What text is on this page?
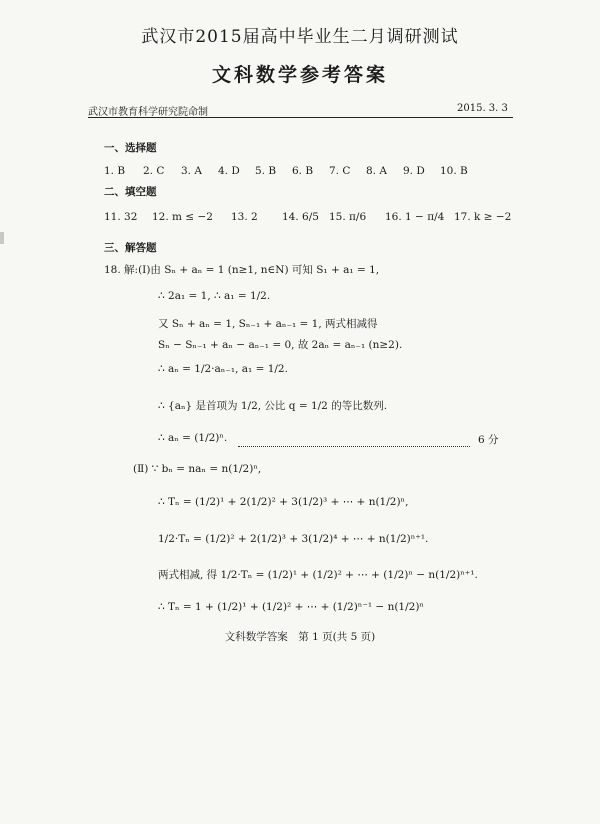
武汉市2015届高中毕业生二月调研测试
文科数学参考答案
武汉市教育科学研究院命制	2015. 3. 3
一、选择题
1. B 2. C 3. A 4. D 5. B 6. B 7. C 8. A 9. D 10. B
二、填空题
11. 32 12. m ≤ −2 13. 2 14. 6/5 15. π/6 16. 1 − π/4 17. k ≥ −2
三、解答题
18. 解:(Ⅰ)由 Sₙ + aₙ = 1 (n≥1, n∈N) 可知 S₁ + a₁ = 1,
∴ 2a₁ = 1, ∴ a₁ = 1/2.
又 Sₙ + aₙ = 1, Sₙ₋₁ + aₙ₋₁ = 1, 两式相减得
Sₙ − Sₙ₋₁ + aₙ − aₙ₋₁ = 0, 故 2aₙ = aₙ₋₁ (n≥2).
∴ aₙ = 1/2·aₙ₋₁, a₁ = 1/2.
∴ {aₙ} 是首项为 1/2, 公比 q = 1/2 的等比数列.
∴ aₙ = (1/2)ⁿ.	6 分
(Ⅱ) ∵ bₙ = naₙ = n(1/2)ⁿ,
∴ Tₙ = (1/2)¹ + 2(1/2)² + 3(1/2)³ + ⋯ + n(1/2)ⁿ,
1/2·Tₙ = (1/2)² + 2(1/2)³ + 3(1/2)⁴ + ⋯ + n(1/2)ⁿ⁺¹.
两式相减, 得 1/2·Tₙ = (1/2)¹ + (1/2)² + ⋯ + (1/2)ⁿ − n(1/2)ⁿ⁺¹.
∴ Tₙ = 1 + (1/2)¹ + (1/2)² + ⋯ + (1/2)ⁿ⁻¹ − n(1/2)ⁿ
文科数学答案　第 1 页(共 5 页)
